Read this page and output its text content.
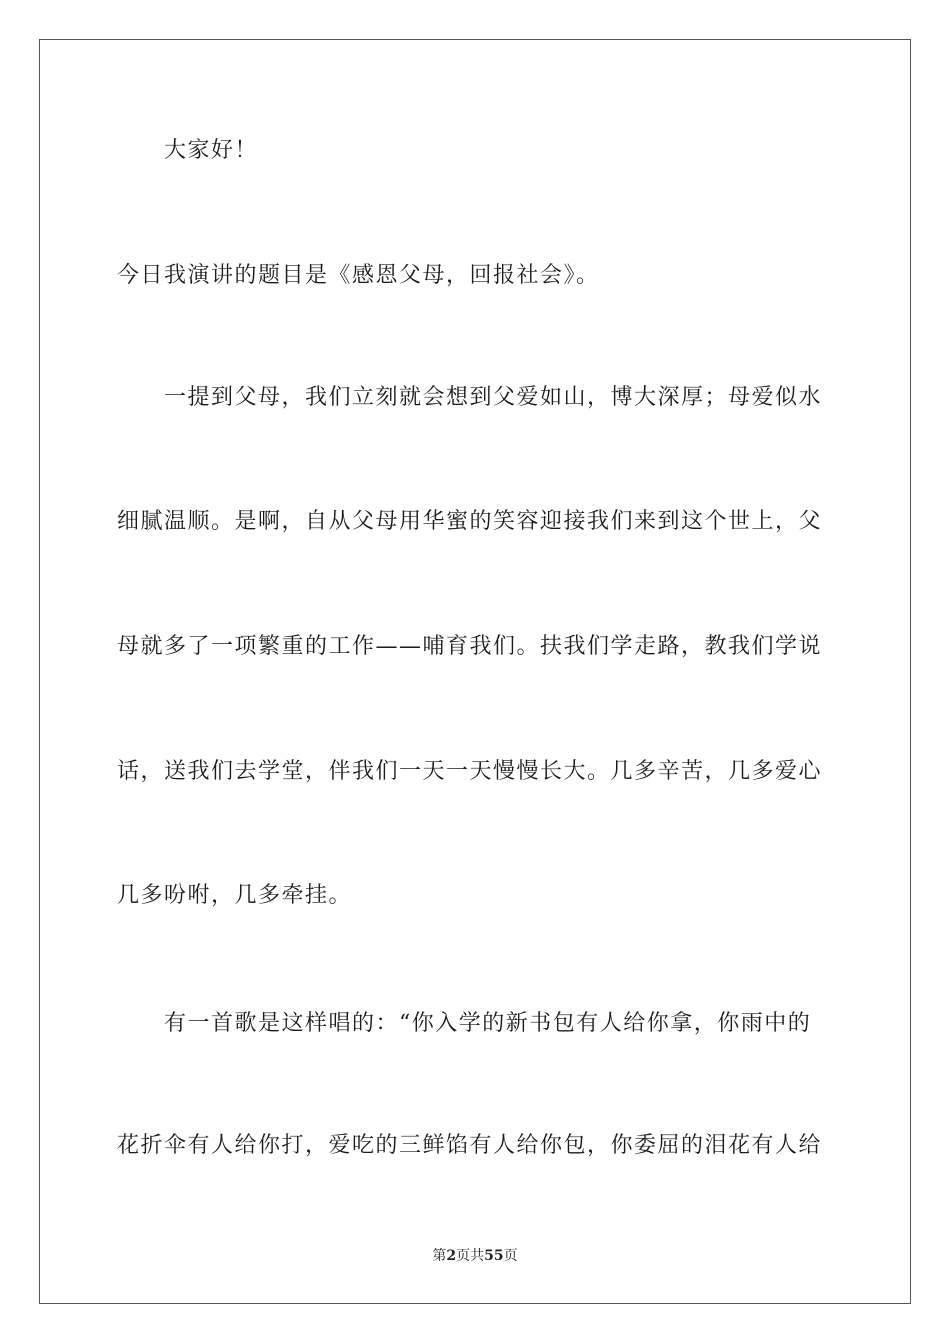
大家好！
今日我演讲的题目是《感恩父母，回报社会》。
一提到父母，我们立刻就会想到父爱如山，博大深厚；母爱似水
细腻温顺。是啊，自从父母用华蜜的笑容迎接我们来到这个世上，父
母就多了一项繁重的工作——哺育我们。扶我们学走路，教我们学说
话，送我们去学堂，伴我们一天一天慢慢长大。几多辛苦，几多爱心
几多吩咐，几多牵挂。
有一首歌是这样唱的：“你入学的新书包有人给你拿，你雨中的
花折伞有人给你打，爱吃的三鲜馅有人给你包，你委屈的泪花有人给
第2页共55页
